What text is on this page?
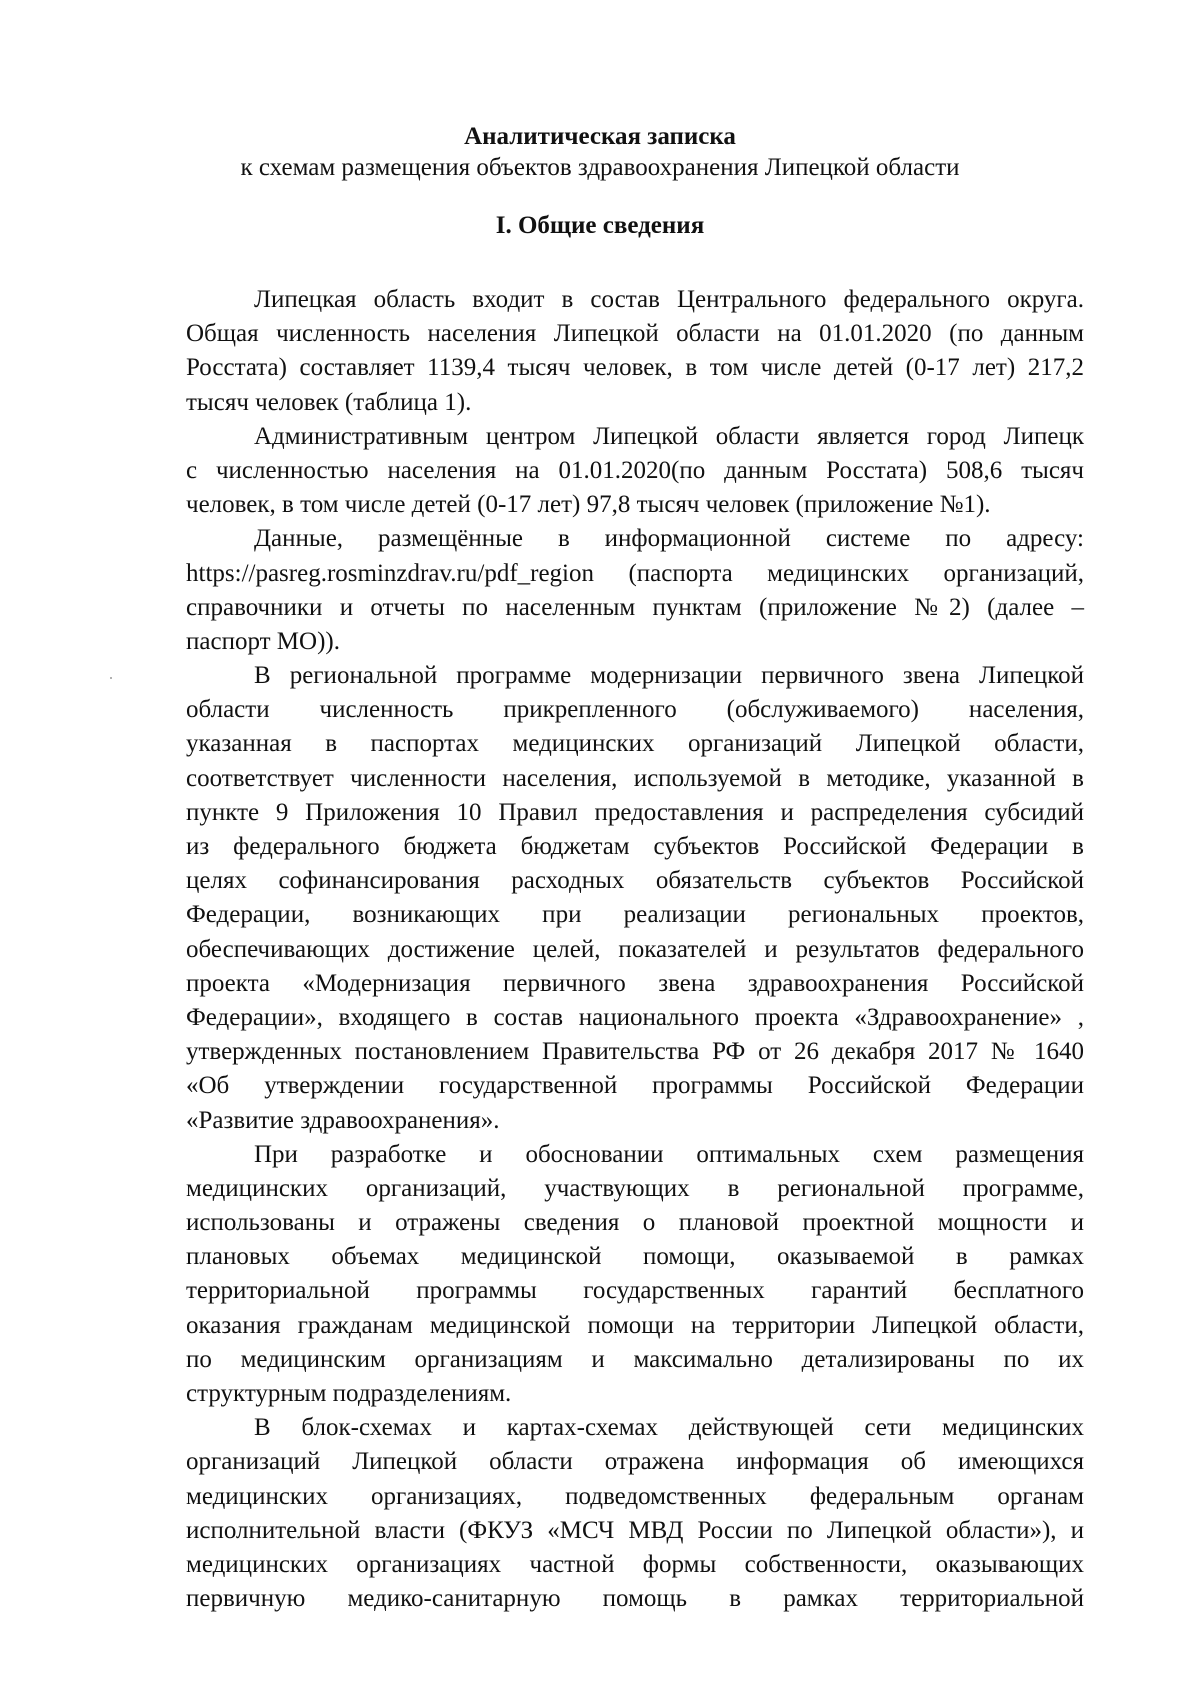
Аналитическая записка
к схемам размещения объектов здравоохранения Липецкой области
I. Общие сведения
Липецкая область входит в состав Центрального федерального округа.
Общая численность населения Липецкой области на 01.01.2020 (по данным
Росстата) составляет 1139,4 тысяч человек, в том числе детей (0-17 лет) 217,2
тысяч человек (таблица 1).
Административным центром Липецкой области является город Липецк
с численностью населения на 01.01.2020(по данным Росстата) 508,6 тысяч
человек, в том числе детей (0-17 лет) 97,8 тысяч человек (приложение №1).
Данные, размещённые в информационной системе по адресу:
https://pasreg.rosminzdrav.ru/pdf_region (паспорта медицинских организаций,
справочники и отчеты по населенным пунктам (приложение №2) (далее –
паспорт МО)).
В региональной программе модернизации первичного звена Липецкой
области численность прикрепленного (обслуживаемого) населения,
указанная в паспортах медицинских организаций Липецкой области,
соответствует численности населения, используемой в методике, указанной в
пункте 9 Приложения 10 Правил предоставления и распределения субсидий
из федерального бюджета бюджетам субъектов Российской Федерации в
целях софинансирования расходных обязательств субъектов Российской
Федерации, возникающих при реализации региональных проектов,
обеспечивающих достижение целей, показателей и результатов федерального
проекта «Модернизация первичного звена здравоохранения Российской
Федерации», входящего в состав национального проекта «Здравоохранение» ,
утвержденных постановлением Правительства РФ от 26 декабря 2017 № 1640
«Об утверждении государственной программы Российской Федерации
«Развитие здравоохранения».
При разработке и обосновании оптимальных схем размещения
медицинских организаций, участвующих в региональной программе,
использованы и отражены сведения о плановой проектной мощности и
плановых объемах медицинской помощи, оказываемой в рамках
территориальной программы государственных гарантий бесплатного
оказания гражданам медицинской помощи на территории Липецкой области,
по медицинским организациям и максимально детализированы по их
структурным подразделениям.
В блок-схемах и картах-схемах действующей сети медицинских
организаций Липецкой области отражена информация об имеющихся
медицинских организациях, подведомственных федеральным органам
исполнительной власти (ФКУЗ «МСЧ МВД России по Липецкой области»), и
медицинских организациях частной формы собственности, оказывающих
первичную медико-санитарную помощь в рамках территориальной
